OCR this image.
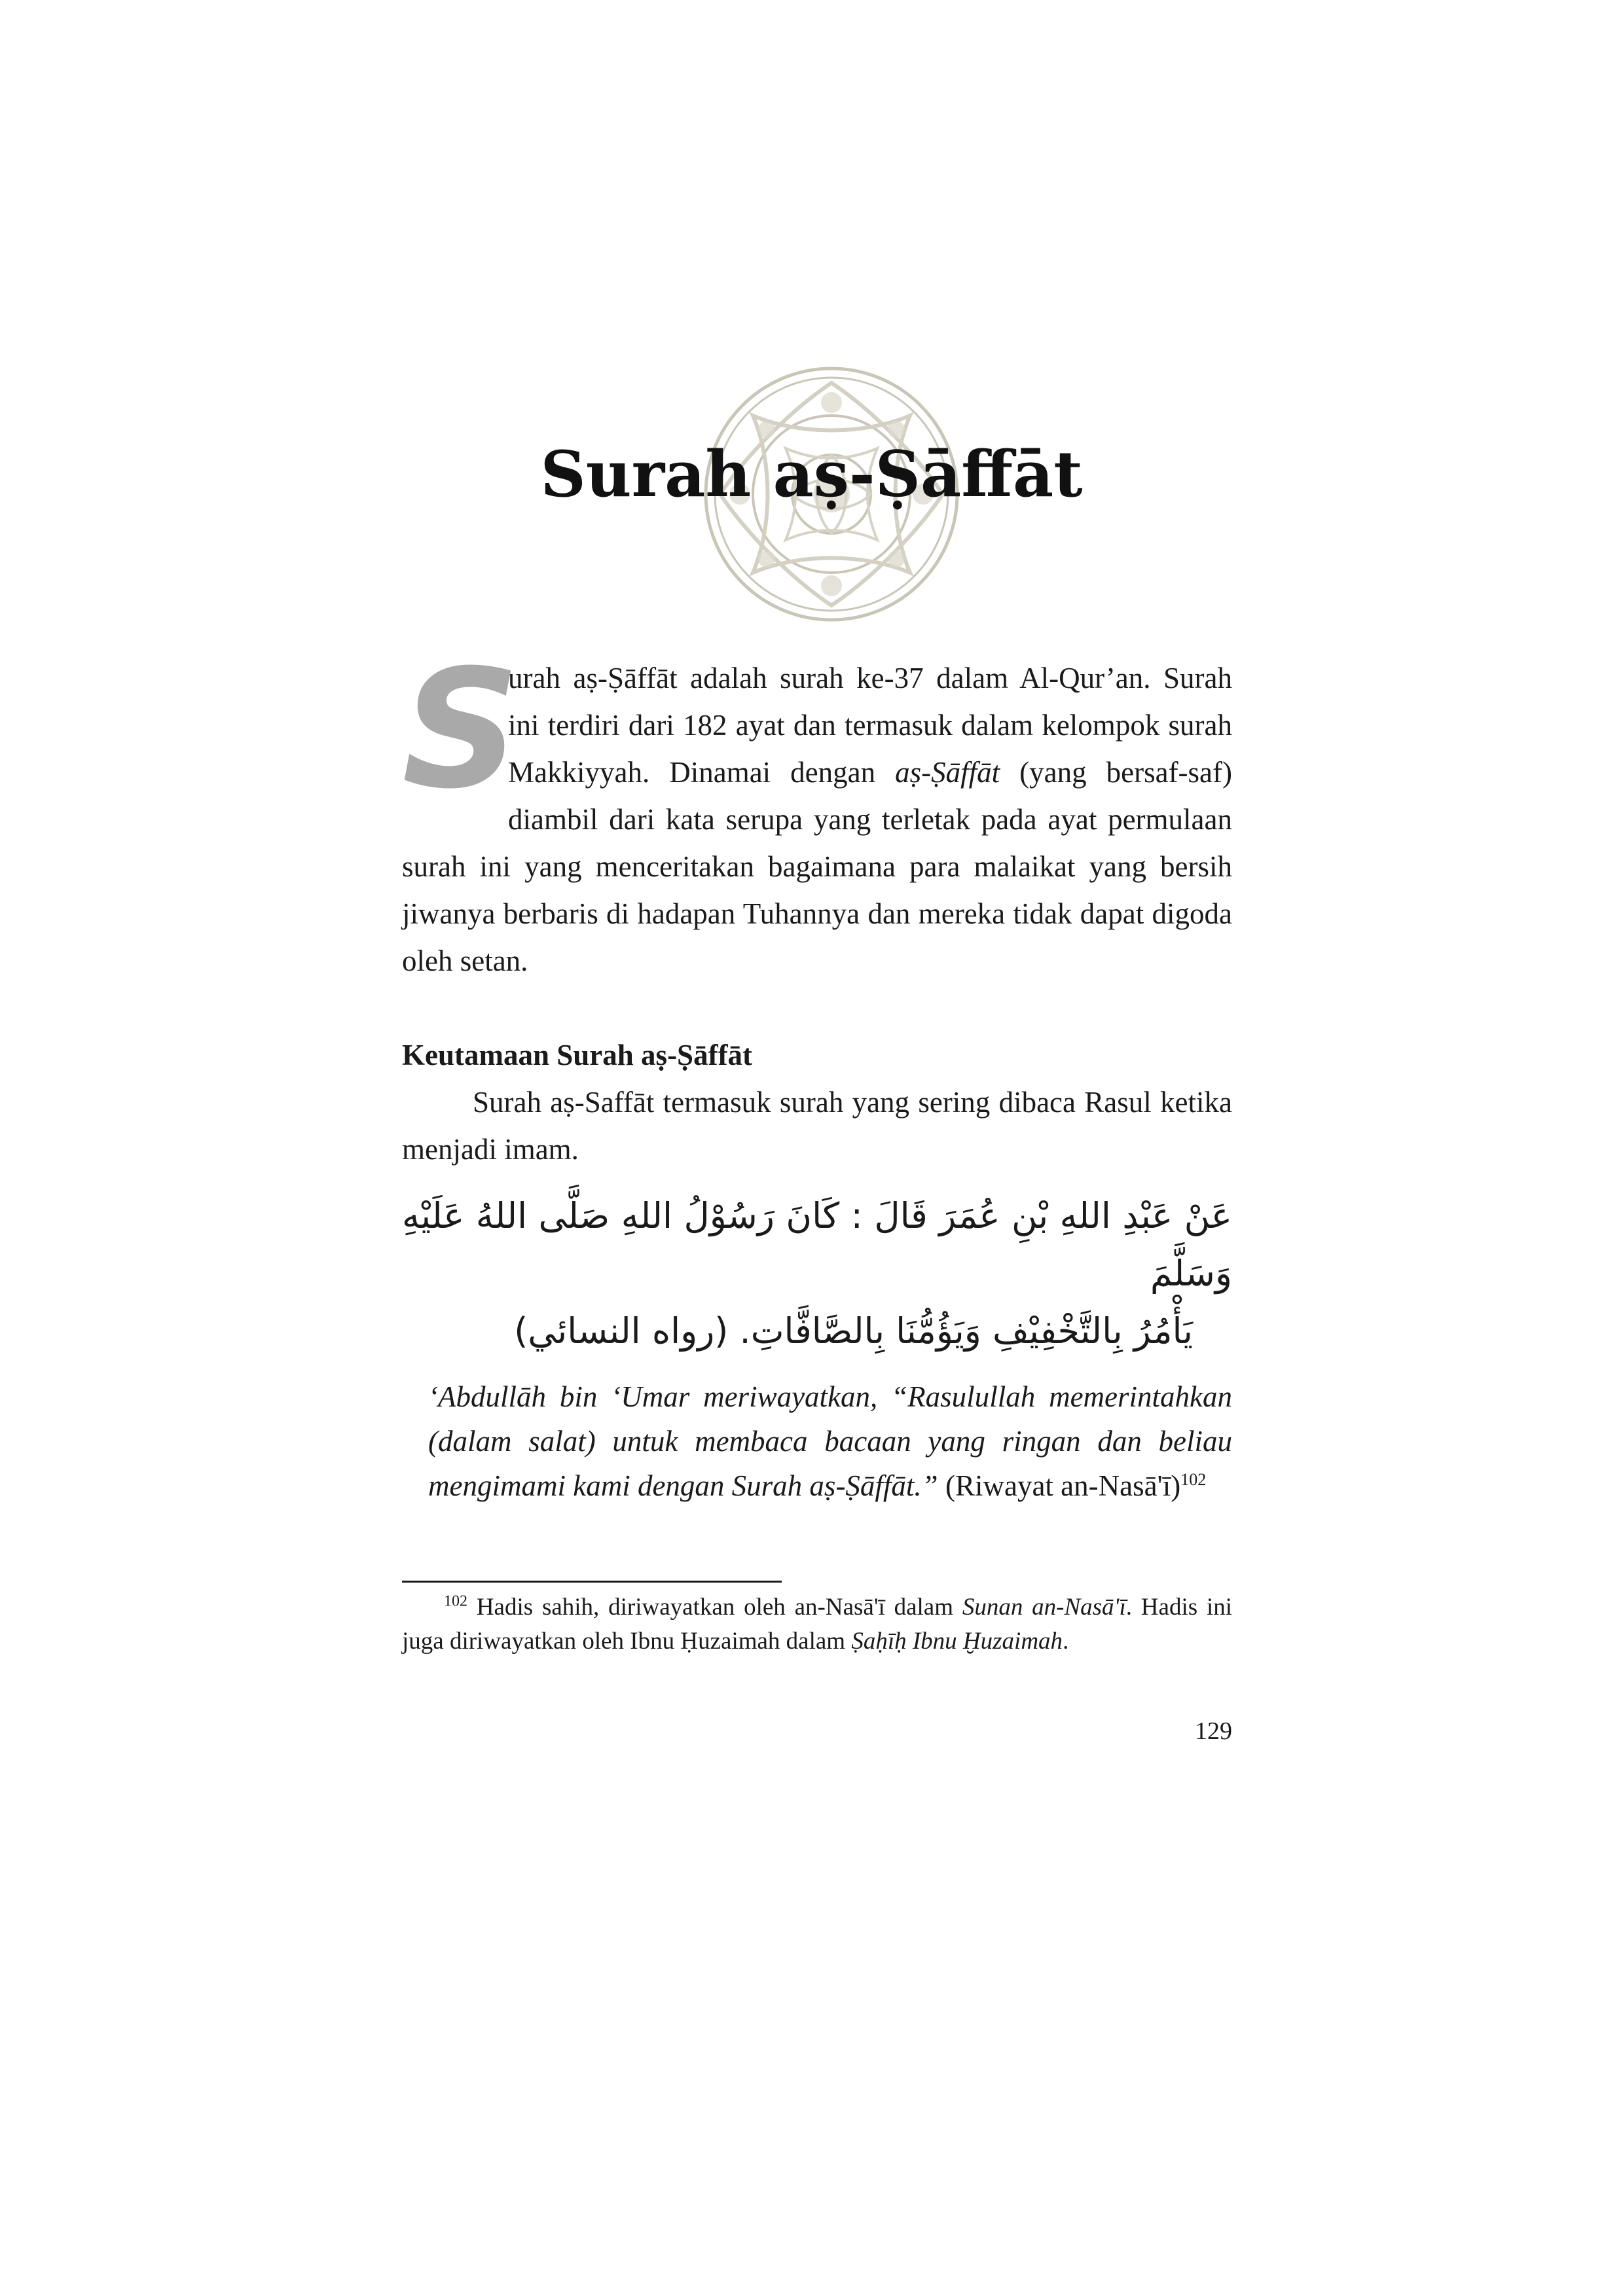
Surah aṣ-Ṣāffāt

S
urah aṣ-Ṣāffāt adalah surah ke-37 dalam Al-Qur’an. Surah ini terdiri dari 182 ayat dan termasuk dalam kelompok surah Makkiyyah. Dinamai dengan aṣ-Ṣāffāt (yang bersaf-saf) diambil dari kata serupa yang terletak pada ayat permulaan surah ini yang menceritakan bagaimana para malaikat yang bersih jiwanya berbaris di hadapan Tuhannya dan mereka tidak dapat digoda oleh setan.

Keutamaan Surah aṣ-Ṣāffāt

Surah aṣ-Saffāt termasuk surah yang sering dibaca Rasul ketika menjadi imam.

عَنْ عَبْدِ اللهِ بْنِ عُمَرَ قَالَ : كَانَ رَسُوْلُ اللهِ صَلَّى اللهُ عَلَيْهِ وَسَلَّمَ
يَأْمُرُ بِالتَّخْفِيْفِ وَيَؤُمُّنَا بِالصَّافَّاتِ. (رواه النسائي)

‘Abdullāh bin ‘Umar meriwayatkan, “Rasulullah memerintahkan (dalam salat) untuk membaca bacaan yang ringan dan beliau mengimami kami dengan Surah aṣ-Ṣāffāt.” (Riwayat an-Nasā'ī)$^{102}$

$^{102}$ Hadis sahih, diriwayatkan oleh an-Nasā'ī dalam Sunan an-Nasā'ī. Hadis ini juga diriwayatkan oleh Ibnu Ḥuzaimah dalam Ṣaḥīḥ Ibnu Ḫuzaimah.

129
